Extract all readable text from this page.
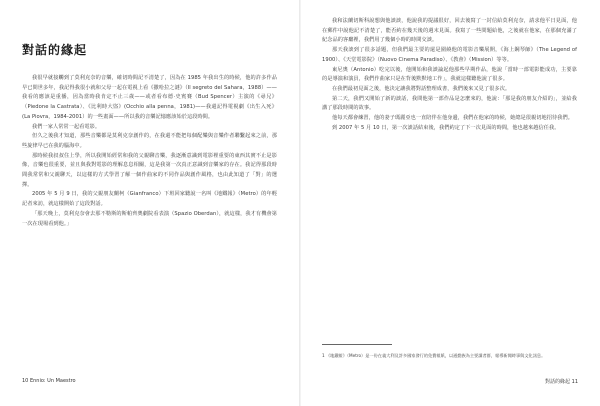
對話的緣起

我很早就接觸到了莫利克奈的音樂，確切時間記不清楚了，因為在 1985 年我出生的時候，他的許多作品早已問世多年，我記得我很小就和父母一起在電視上看《撒哈拉之謎》（Il segreto del Sahara，1988）——我看的應該是重播，因為當時我肯定不止三歲——或者看布德·史賓賽（Bud Spencer）主演的《尋兄》（Piedone la Castrata）、《比利時大盜》(Occhio alla penna，1981)——我還記得電視劇《出生入死》(La Piovra，1984-2001）的一些畫面——所以我的音樂記憶應該始於這段時間。

我們一家人常常一起看電影。

但久之後我才知道，那些音樂都是莫利克奈創作的，在我還不能把每個配樂與音樂作者聯繫起來之前，那些旋律早已在我的腦海中。

那時候我叔叔住上學，所以我開始經常和我的父親聊音樂，我逐漸意識到電影裡重要的東西其實不止是影像，音樂也很重要，並且與我對電影的理解息息相關，這是我第一次真正意識到音樂家的存在。我記得那段時間我常常和父親聊天，以這樣的方式學習了解一個作曲家的不同作品與創作風格，也由此知道了「對」的選擇。

2005 年 5 月 9 日，我的父親朋友蘭柯（Gianfranco）下班回家聽說一名叫《地鐵報》（Metro）的年輕記者來訪，就這樣開始了這段對話。

「那天晚上，莫利克奈會去那不勒斯的斯帕齊奧劇院看表演（Spazio Oberdan），就這樣，我才有機會第一次在現場看到他。」

10 Ennio: Un Maestro

我和法蘭切斯科說想與他談談，他說我的提議很好，回去後寫了一封信給莫利克奈，請求他平日見面，他在郵件中說他記不清楚了，能否約在幾天後的週末見面。我寫了一些問題給他，之後就在他家，在那個充滿了紀念品的客廳裡，我們用了幾個小時的時間交談。

那天我談到了很多話題，但我們最主要的還是圍繞他的電影音樂展開，《海上鋼琴師》（The Legend of 1900）、《天堂電影院》（Nuovo Cinema Paradiso）、《教會》（Mission）等等。

東尼奧（Antonio）吃完以後，他開始和我談論起他那些早期作品，他說「當時一部電影能成功，主要靠的是導演和演員，我們作曲家只是在背後默默地工作」，我就這樣聽他說了很多。

在我們最初見面之後，他決定讓我將對話整理成書，我們後來又見了很多次。

第二天，我們又開始了新的談話，我問他第一部作品是怎麼來的，他說：「那是我的朋友介紹的」，並給我講了那段時間的故事。

他每天都會練習，他的妻子瑪麗亞也一直陪伴在他身邊，我們在他家的時候，她總是很親切地招待我們。

到 2007 年 5 月 10 日，第一次談話結束後，我們約定了下一次見面的時間，他也越來越信任我。

1 《地鐵報》（Metro）是一份在義大利及許多國家發行的免費報紙，以通勤族為主要讀者群，報導新聞時事與文化訊息。
對話的緣起 11
